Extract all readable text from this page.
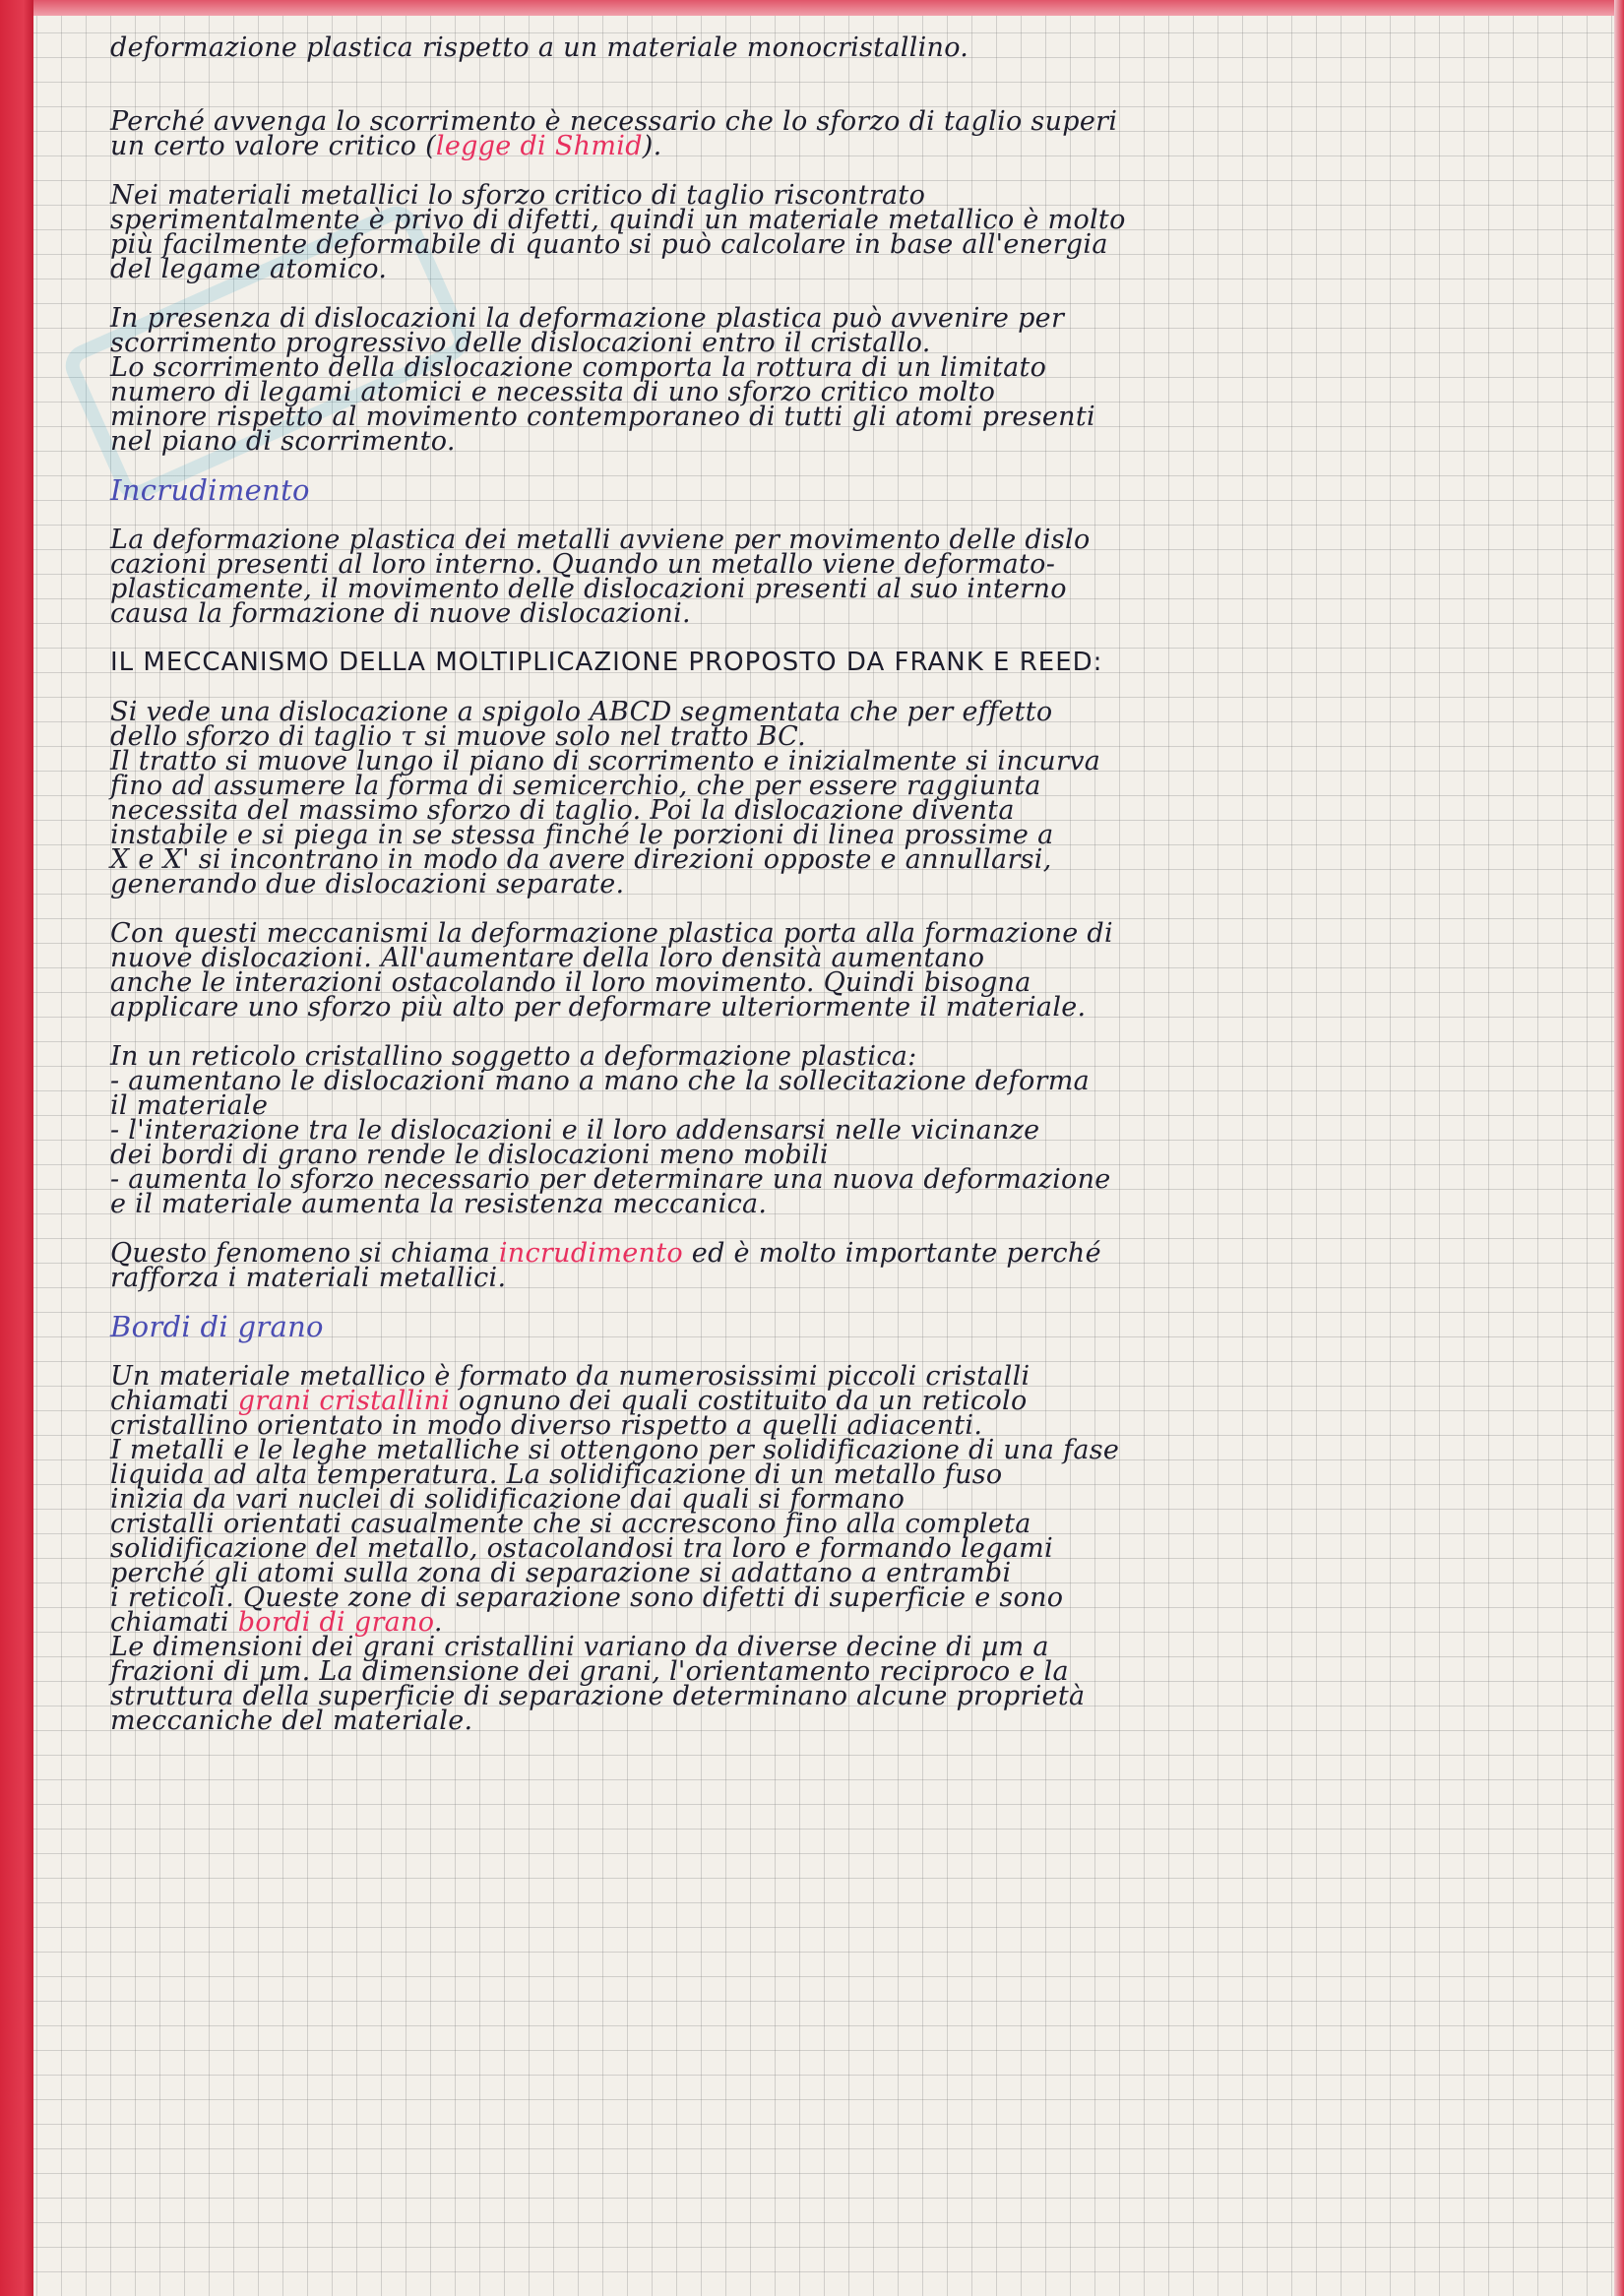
deformazione plastica rispetto a un materiale monocristallino.
Perché avvenga lo scorrimento è necessario che lo sforzo di taglio superi
un certo valore critico (legge di Shmid).
Nei materiali metallici lo sforzo critico di taglio riscontrato
sperimentalmente è privo di difetti, quindi un materiale metallico è molto
più facilmente deformabile di quanto si può calcolare in base all'energia
del legame atomico.
In presenza di dislocazioni la deformazione plastica può avvenire per
scorrimento progressivo delle dislocazioni entro il cristallo.
Lo scorrimento della dislocazione comporta la rottura di un limitato
numero di legami atomici e necessita di uno sforzo critico molto
minore rispetto al movimento contemporaneo di tutti gli atomi presenti
nel piano di scorrimento.
Incrudimento
La deformazione plastica dei metalli avviene per movimento delle dislo
cazioni presenti al loro interno. Quando un metallo viene deformato-
plasticamente, il movimento delle dislocazioni presenti al suo interno
causa la formazione di nuove dislocazioni.
IL MECCANISMO DELLA MOLTIPLICAZIONE PROPOSTO DA FRANK E REED:
Si vede una dislocazione a spigolo ABCD segmentata che per effetto
dello sforzo di taglio τ si muove solo nel tratto BC.
Il tratto si muove lungo il piano di scorrimento e inizialmente si incurva
fino ad assumere la forma di semicerchio, che per essere raggiunta
necessita del massimo sforzo di taglio. Poi la dislocazione diventa
instabile e si piega in se stessa finché le porzioni di linea prossime a
X e X' si incontrano in modo da avere direzioni opposte e annullarsi,
generando due dislocazioni separate.
Con questi meccanismi la deformazione plastica porta alla formazione di
nuove dislocazioni. All'aumentare della loro densità aumentano
anche le interazioni ostacolando il loro movimento. Quindi bisogna
applicare uno sforzo più alto per deformare ulteriormente il materiale.
In un reticolo cristallino soggetto a deformazione plastica:
- aumentano le dislocazioni mano a mano che la sollecitazione deforma
il materiale
- l'interazione tra le dislocazioni e il loro addensarsi nelle vicinanze
dei bordi di grano rende le dislocazioni meno mobili
- aumenta lo sforzo necessario per determinare una nuova deformazione
e il materiale aumenta la resistenza meccanica.
Questo fenomeno si chiama incrudimento ed è molto importante perché
rafforza i materiali metallici.
Bordi di grano
Un materiale metallico è formato da numerosissimi piccoli cristalli
chiamati grani cristallini ognuno dei quali costituito da un reticolo
cristallino orientato in modo diverso rispetto a quelli adiacenti.
I metalli e le leghe metalliche si ottengono per solidificazione di una fase
liquida ad alta temperatura. La solidificazione di un metallo fuso
inizia da vari nuclei di solidificazione dai quali si formano
cristalli orientati casualmente che si accrescono fino alla completa
solidificazione del metallo, ostacolandosi tra loro e formando legami
perché gli atomi sulla zona di separazione si adattano a entrambi
i reticoli. Queste zone di separazione sono difetti di superficie e sono
chiamati bordi di grano.
Le dimensioni dei grani cristallini variano da diverse decine di µm a
frazioni di µm. La dimensione dei grani, l'orientamento reciproco e la
struttura della superficie di separazione determinano alcune proprietà
meccaniche del materiale.
